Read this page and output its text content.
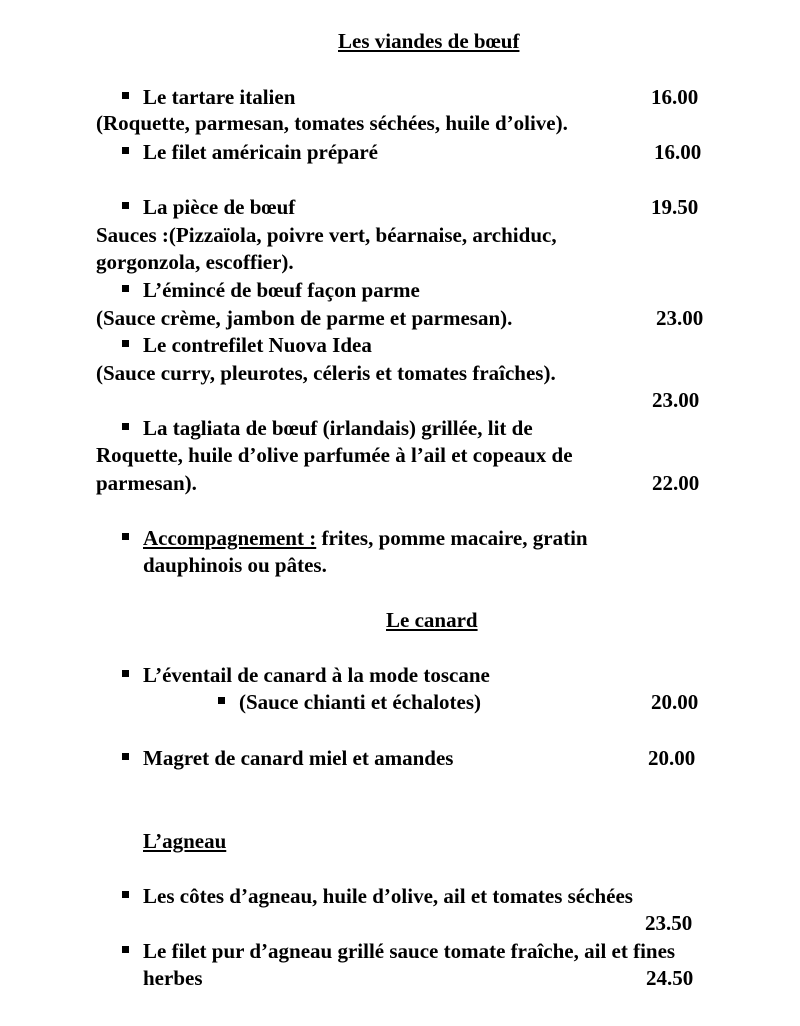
Les viandes de bœuf
Le tartare italien	16.00
(Roquette, parmesan, tomates séchées, huile d’olive).
Le filet américain préparé	16.00
La pièce de bœuf	19.50
Sauces :(Pizzaïola, poivre vert, béarnaise, archiduc,
gorgonzola, escoffier).
L’émincé de bœuf façon parme
(Sauce crème, jambon de parme et parmesan).	23.00
Le contrefilet Nuova Idea
(Sauce curry, pleurotes, céleris et tomates fraîches).
23.00
La tagliata de bœuf (irlandais) grillée, lit de
Roquette, huile d’olive parfumée à l’ail et copeaux de
parmesan).	22.00
Accompagnement : frites, pomme macaire, gratin
dauphinois ou pâtes.
Le canard
L’éventail de canard à la mode toscane
(Sauce chianti et échalotes)	20.00
Magret de canard miel et amandes	20.00
L’agneau
Les côtes d’agneau, huile d’olive, ail et tomates séchées
23.50
Le filet pur d’agneau grillé sauce tomate fraîche, ail et fines
herbes	24.50
